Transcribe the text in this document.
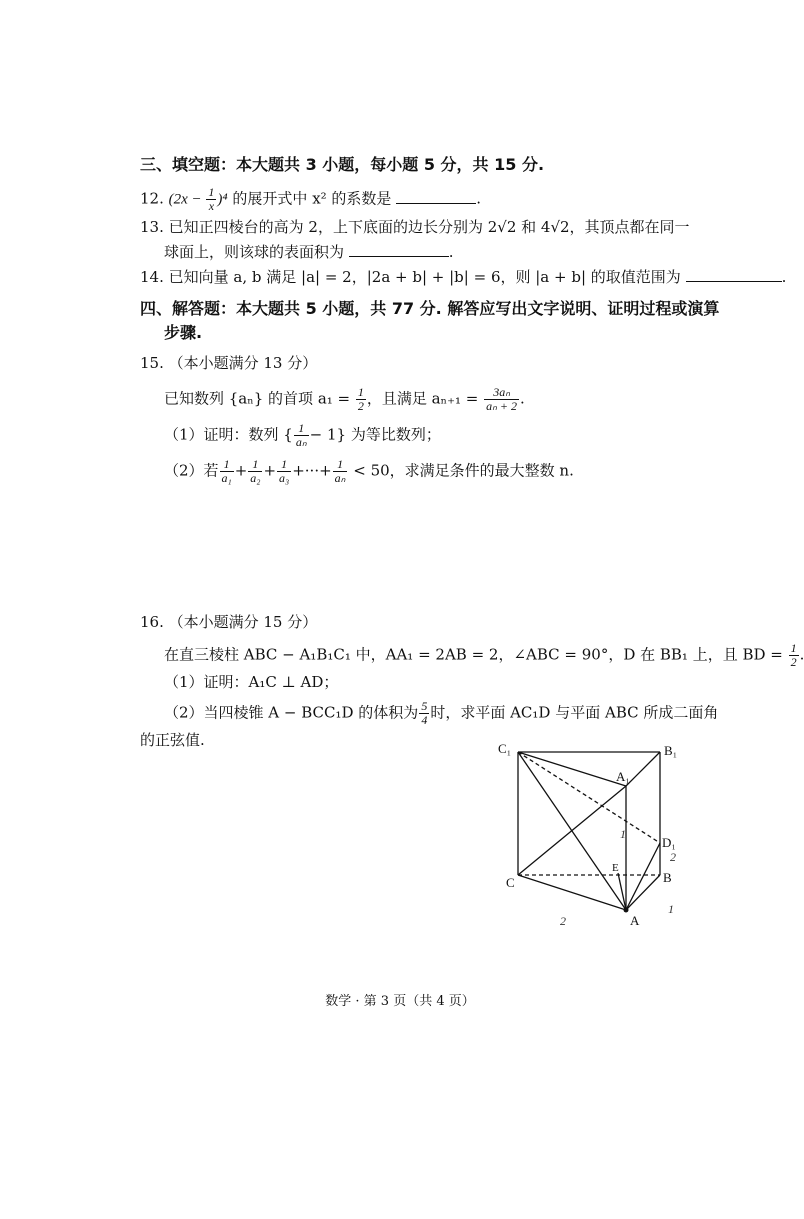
三、填空题：本大题共 3 小题，每小题 5 分，共 15 分.
12. $(2x - \frac{1}{x} )^4$ 的展开式中 x² 的系数是	.
13. 已知正四棱台的高为 2，上下底面的边长分别为 2√2 和 4√2，其顶点都在同一
球面上，则该球的表面积为	.
14. 已知向量 a, b 满足 |a| = 2，|2a + b| + |b| = 6，则 |a + b| 的取值范围为	.
四、解答题：本大题共 5 小题，共 77 分. 解答应写出文字说明、证明过程或演算
步骤.
15. （本小题满分 13 分）
已知数列 {aₙ} 的首项 $a_1 = \frac{1}{2}$ ，且满足 $a_{n+1} = \frac{\text{3aₙ}}{\text{aₙ + 2}}$ .
（1）证明：数列 { $\frac{1}{\text{aₙ}} - 1$} 为等比数列；
（2）若 $\frac{1}{\text{a₁}} + \frac{1}{\text{a₂}} + \frac{1}{\text{a₃}}$ +···+ $\frac{1}{\text{aₙ}} < 50$，求满足条件的最大整数 n.
16. （本小题满分 15 分）
在直三棱柱 ABC − A₁B₁C₁ 中，AA₁ = 2AB = 2，∠ABC = 90°，D 在 BB₁ 上，且 BD = $\frac{1}{2}$ .
（1）证明：A₁C ⊥ AD；
（2）当四棱锥 A − BCC₁D 的体积为 $\frac{5}{4}$ 时，求平面 AC₁D 与平面 ABC 所成二面角
的正弦值.	C₁	B₁
A₁
D₁
C	B
A
E
1
2
1
2
数学 · 第 3 页（共 4 页）
